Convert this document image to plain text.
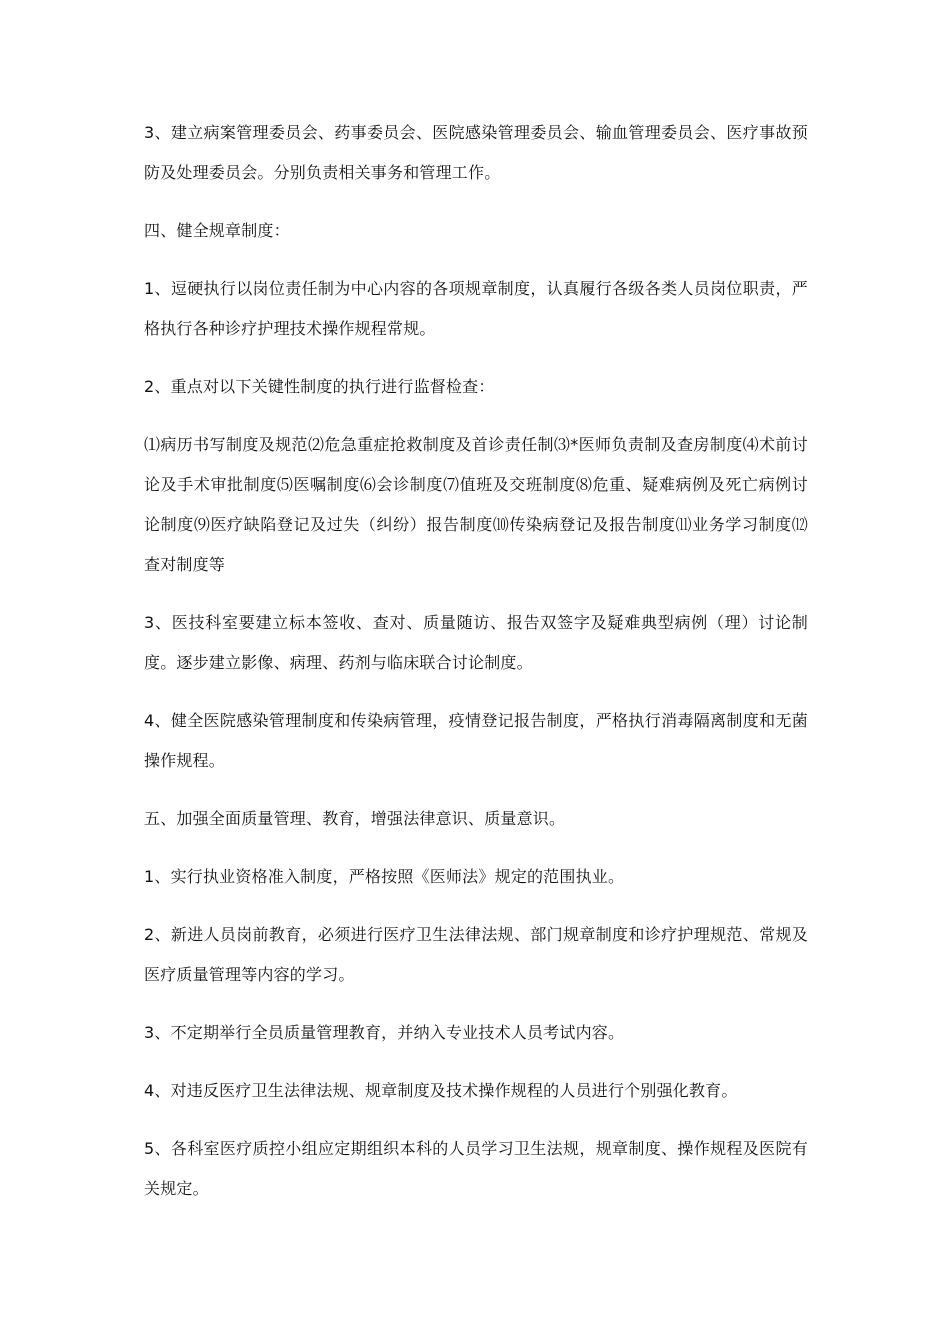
3、建立病案管理委员会、药事委员会、医院感染管理委员会、输血管理委员会、医疗事故预防及处理委员会。分别负责相关事务和管理工作。

四、健全规章制度：

1、逗硬执行以岗位责任制为中心内容的各项规章制度，认真履行各级各类人员岗位职责，严格执行各种诊疗护理技术操作规程常规。

2、重点对以下关键性制度的执行进行监督检查：

⑴病历书写制度及规范⑵危急重症抢救制度及首诊责任制⑶*医师负责制及查房制度⑷术前讨论及手术审批制度⑸医嘱制度⑹会诊制度⑺值班及交班制度⑻危重、疑难病例及死亡病例讨论制度⑼医疗缺陷登记及过失（纠纷）报告制度⑽传染病登记及报告制度⑾业务学习制度⑿查对制度等

3、医技科室要建立标本签收、查对、质量随访、报告双签字及疑难典型病例（理）讨论制度。逐步建立影像、病理、药剂与临床联合讨论制度。

4、健全医院感染管理制度和传染病管理，疫情登记报告制度，严格执行消毒隔离制度和无菌操作规程。

五、加强全面质量管理、教育，增强法律意识、质量意识。

1、实行执业资格准入制度，严格按照《医师法》规定的范围执业。

2、新进人员岗前教育，必须进行医疗卫生法律法规、部门规章制度和诊疗护理规范、常规及医疗质量管理等内容的学习。

3、不定期举行全员质量管理教育，并纳入专业技术人员考试内容。

4、对违反医疗卫生法律法规、规章制度及技术操作规程的人员进行个别强化教育。

5、各科室医疗质控小组应定期组织本科的人员学习卫生法规，规章制度、操作规程及医院有关规定。
